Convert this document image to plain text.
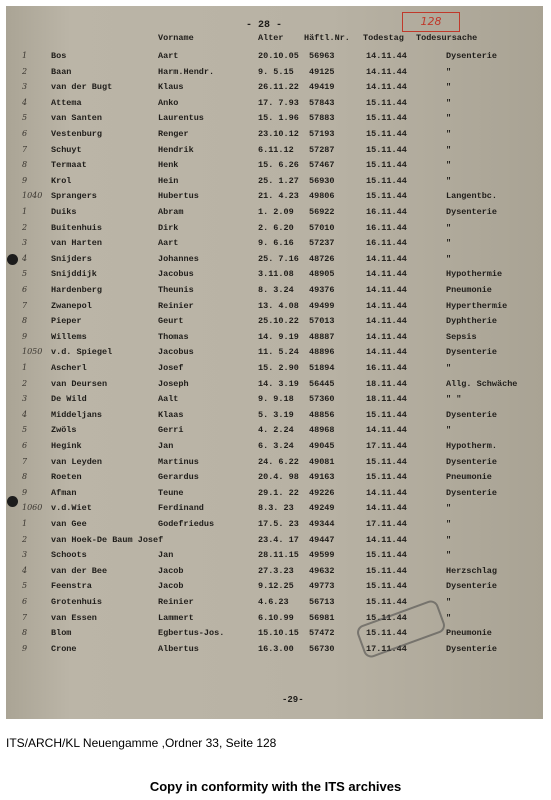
- 28 -	128
Vorname	Alter Häftl.Nr. Todestag Todesursache
1	Bos	Aart	20.10.05 56963	14.11.44	Dysenterie
2	Baan	Harm.Hendr.	9. 5.15 49125	14.11.44	"
3	van der Bugt	Klaus	26.11.22 49419	14.11.44	"
4	Attema	Anko	17. 7.93 57843	15.11.44	"
5	van Santen	Laurentus	15. 1.96 57883	15.11.44	"
6	Vestenburg	Renger	23.10.12 57193	15.11.44	"
7	Schuyt	Hendrik	6.11.12 57287	15.11.44	"
8	Termaat	Henk	15. 6.26 57467	15.11.44	"
9	Krol	Hein	25. 1.27 56930	15.11.44	"
1040 Sprangers	Hubertus	21. 4.23 49806	15.11.44	Langentbc.
1	Duiks	Abram	1. 2.09 56922	16.11.44	Dysenterie
2	Buitenhuis	Dirk	2. 6.20 57010	16.11.44	"
3	van Harten	Aart	9. 6.16 57237	16.11.44	"
4	Snijders	Johannes	25. 7.16 48726	14.11.44	"
5	Snijddijk	Jacobus	3.11.08 48905	14.11.44	Hypothermie
6	Hardenberg	Theunis	8. 3.24 49376	14.11.44	Pneumonie
7	Zwanepol	Reinier	13. 4.08 49499	14.11.44	Hyperthermie
8	Pieper	Geurt	25.10.22 57013	14.11.44	Dyphtherie
9	Willems	Thomas	14. 9.19 48887	14.11.44	Sepsis
1050 v.d. Spiegel	Jacobus	11. 5.24 48896	14.11.44	Dysenterie
1	Ascherl	Josef	15. 2.90 51894	16.11.44	"
2	van Deursen	Joseph	14. 3.19 56445	18.11.44	Allg. Schwäche
3	De Wild	Aalt	9. 9.18 57360	18.11.44	" "
4	Middeljans	Klaas	5. 3.19 48856	15.11.44	Dysenterie
5	Zwöls	Gerri	4. 2.24 48968	14.11.44	"
6	Hegink	Jan	6. 3.24 49045	17.11.44	Hypotherm.
7	van Leyden	Martinus	24. 6.22 49081	15.11.44	Dysenterie
8	Roeten	Gerardus	20.4. 98 49163	15.11.44	Pneumonie
9	Afman	Teune	29.1. 22 49226	14.11.44	Dysenterie
1060 v.d.Wiet	Ferdinand	8.3. 23 49249	14.11.44	"
1	van Gee	Godefriedus	17.5. 23 49344	17.11.44	"
2	van Hoek-De Baum Josef	23.4. 17 49447	14.11.44	"
3	Schoots	Jan	28.11.15 49599	15.11.44	"
4	van der Bee	Jacob	27.3.23 49632	15.11.44	Herzschlag
5	Feenstra	Jacob	9.12.25 49773	15.11.44	Dysenterie
6	Grotenhuis	Reinier	4.6.23 56713	15.11.44	"
7	van Essen	Lammert	6.10.99 56981	15.11.44	"
8	Blom	Egbertus-Jos.	15.10.15 57472	15.11.44	Pneumonie
9	Crone	Albertus	16.3.00 56730	17.11.44	Dysenterie
-29-
ITS/ARCH/KL Neuengamme ,Ordner 33, Seite 128
Copy in conformity with the ITS archives
